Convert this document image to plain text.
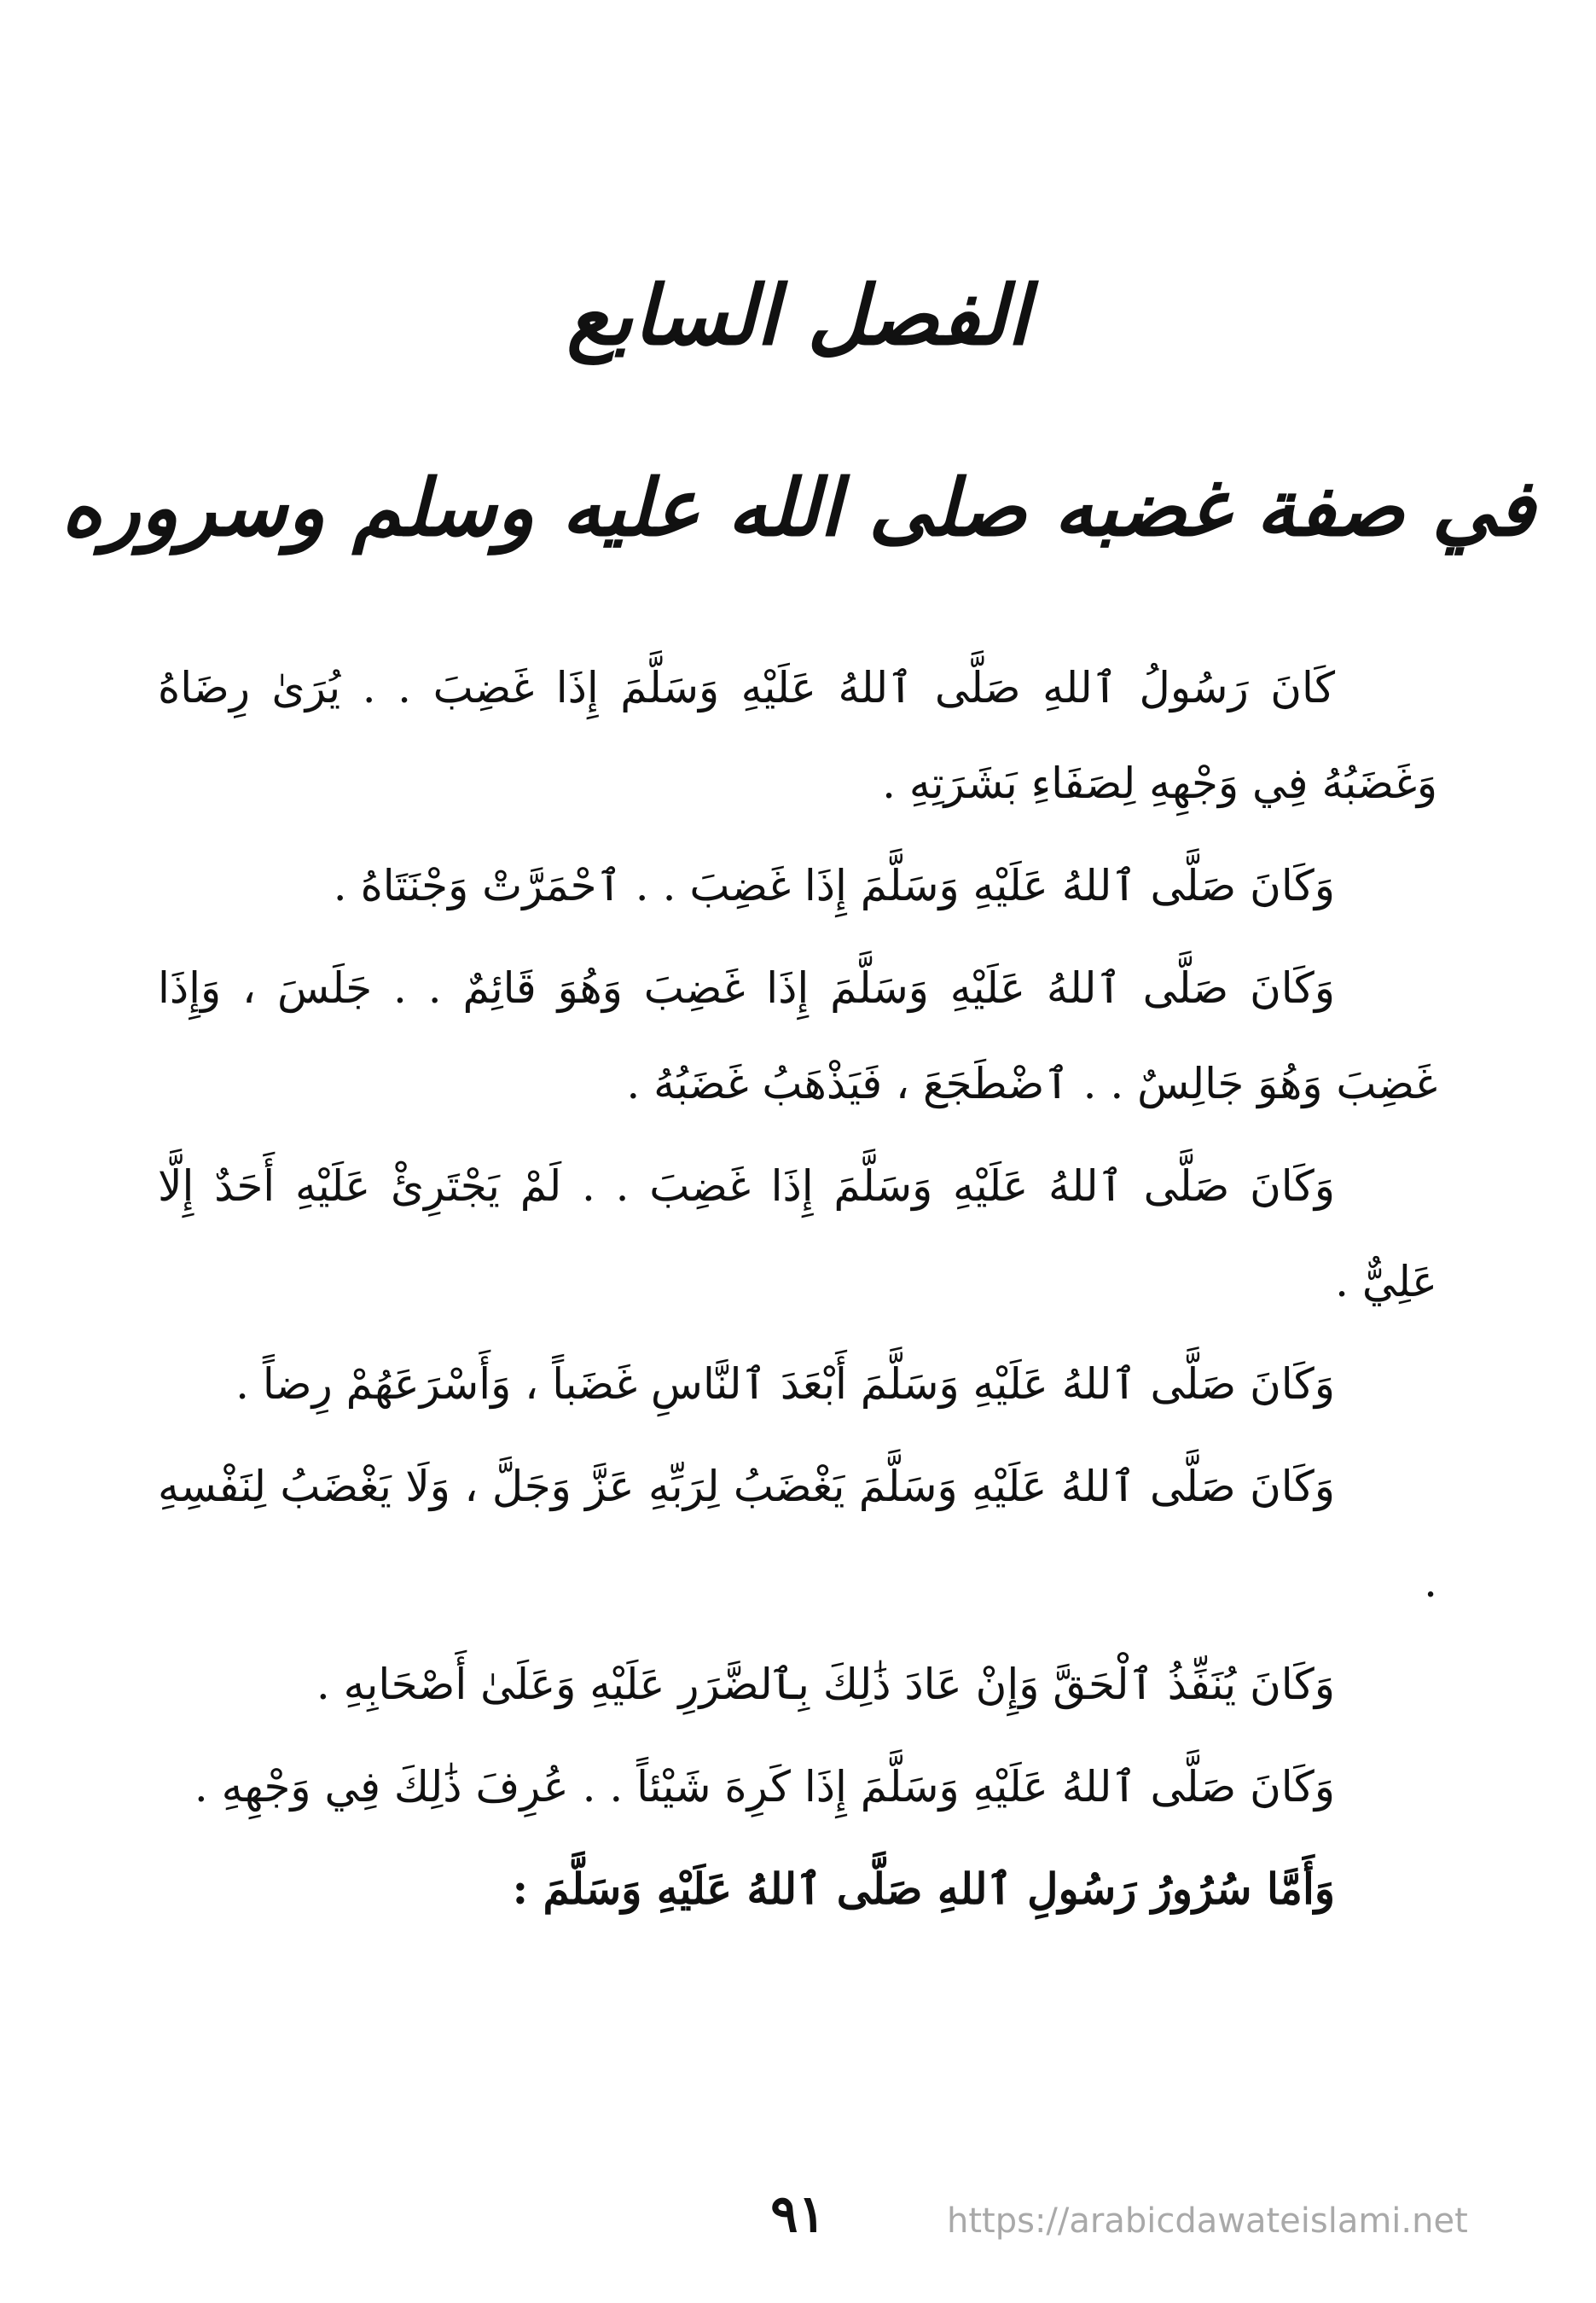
الفصل السابع
في صفة غضبه صلى الله عليه وسلم وسروره

كَانَ رَسُولُ ٱللهِ صَلَّى ٱللهُ عَلَيْهِ وَسَلَّمَ إِذَا غَضِبَ . . يُرَىٰ رِضَاهُ وَغَضَبُهُ فِي وَجْهِهِ لِصَفَاءِ بَشَرَتِهِ .

وَكَانَ صَلَّى ٱللهُ عَلَيْهِ وَسَلَّمَ إِذَا غَضِبَ . . ٱحْمَرَّتْ وَجْنَتَاهُ .

وَكَانَ صَلَّى ٱللهُ عَلَيْهِ وَسَلَّمَ إِذَا غَضِبَ وَهُوَ قَائِمٌ . . جَلَسَ ، وَإِذَا غَضِبَ وَهُوَ جَالِسٌ . . ٱضْطَجَعَ ، فَيَذْهَبُ غَضَبُهُ .

وَكَانَ صَلَّى ٱللهُ عَلَيْهِ وَسَلَّمَ إِذَا غَضِبَ . . لَمْ يَجْتَرِئْ عَلَيْهِ أَحَدٌ إِلَّا عَلِيٌّ .

وَكَانَ صَلَّى ٱللهُ عَلَيْهِ وَسَلَّمَ أَبْعَدَ ٱلنَّاسِ غَضَباً ، وَأَسْرَعَهُمْ رِضاً .

وَكَانَ صَلَّى ٱللهُ عَلَيْهِ وَسَلَّمَ يَغْضَبُ لِرَبِّهِ عَزَّ وَجَلَّ ، وَلَا يَغْضَبُ لِنَفْسِهِ .

وَكَانَ يُنَفِّذُ ٱلْحَقَّ وَإِنْ عَادَ ذَٰلِكَ بِٱلضَّرَرِ عَلَيْهِ وَعَلَىٰ أَصْحَابِهِ .

وَكَانَ صَلَّى ٱللهُ عَلَيْهِ وَسَلَّمَ إِذَا كَرِهَ شَيْئاً . . عُرِفَ ذَٰلِكَ فِي وَجْهِهِ .

وَأَمَّا سُرُورُ رَسُولِ ٱللهِ صَلَّى ٱللهُ عَلَيْهِ وَسَلَّمَ :

٩١	https://arabicdawateislami.net
